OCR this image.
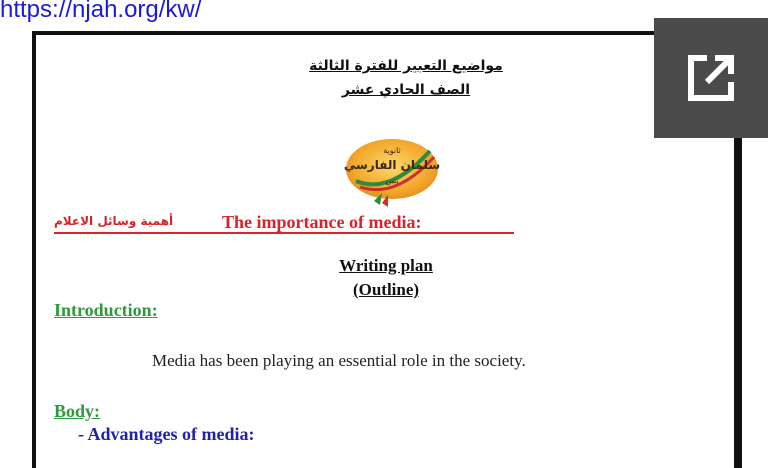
https://njah.org/kw/
مواضيع التعبير للفترة الثالثة
الصف الحادي عشر
ثانوية
سلمان الفارسي
بنين
أهمية وسائل الاعلام	The importance of media:
Writing plan
(Outline)
Introduction:
Media has been playing an essential role in the society.
Body:
- Advantages of media:
